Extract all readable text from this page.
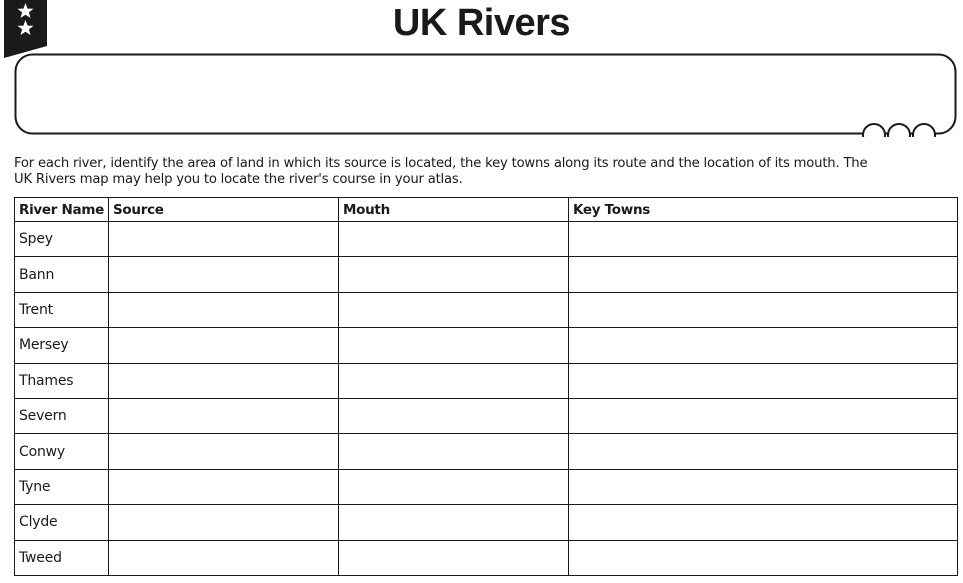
UK Rivers
For each river, identify the area of land in which its source is located, the key towns along its route and the location of its mouth. The
UK Rivers map may help you to locate the river's course in your atlas.
River Name	Source	Mouth	Key Towns
Spey			
Bann			
Trent			
Mersey			
Thames			
Severn			
Conwy			
Tyne			
Clyde			
Tweed			
